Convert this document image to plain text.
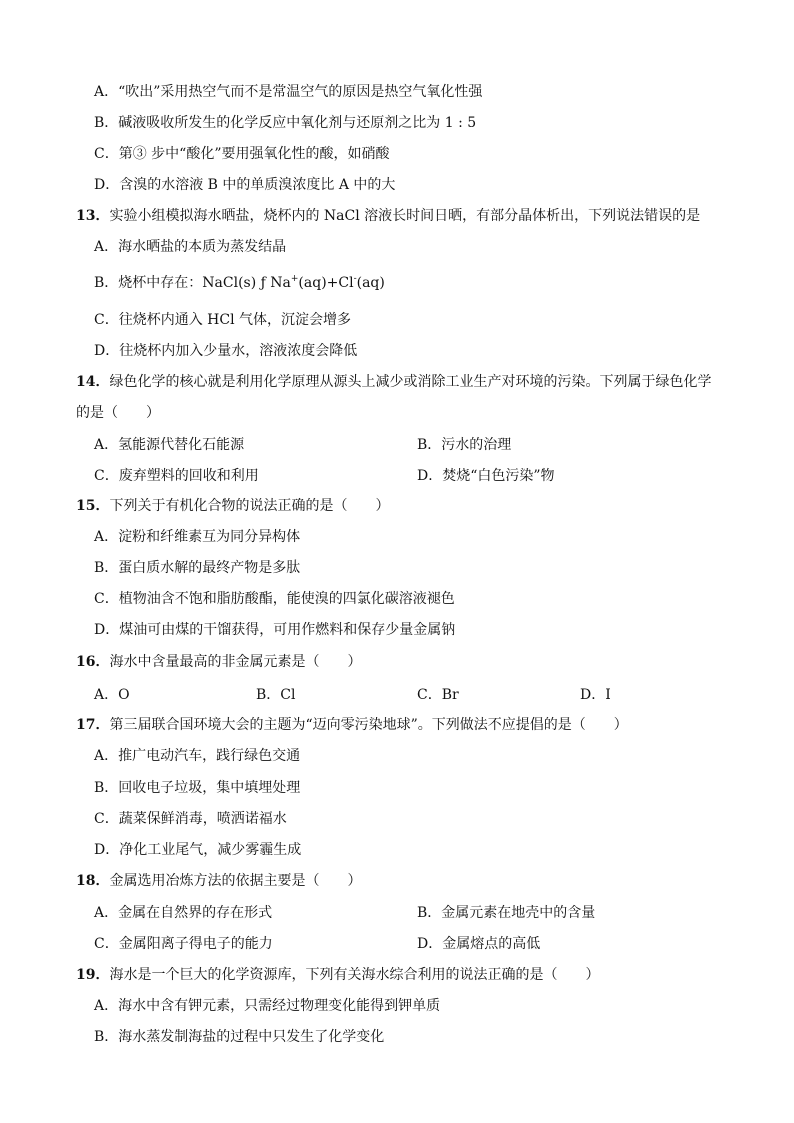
A．“吹出”采用热空气而不是常温空气的原因是热空气氧化性强
B．碱液吸收所发生的化学反应中氧化剂与还原剂之比为 1 : 5
C．第③ 步中“酸化”要用强氧化性的酸，如硝酸
D．含溴的水溶液 B 中的单质溴浓度比 A 中的大
13．实验小组模拟海水晒盐，烧杯内的 NaCl 溶液长时间日晒，有部分晶体析出，下列说法错误的是
A．海水晒盐的本质为蒸发结晶
B．烧杯中存在：NaCl(s) ƒ Na+(aq)+Cl-(aq)
C．往烧杯内通入 HCl 气体，沉淀会增多
D．往烧杯内加入少量水，溶液浓度会降低
14．绿色化学的核心就是利用化学原理从源头上减少或消除工业生产对环境的污染。下列属于绿色化学
的是（　　）
A．氢能源代替化石能源	B．污水的治理
C．废弃塑料的回收和利用	D．焚烧“白色污染”物
15．下列关于有机化合物的说法正确的是（　　）
A．淀粉和纤维素互为同分异构体
B．蛋白质水解的最终产物是多肽
C．植物油含不饱和脂肪酸酯，能使溴的四氯化碳溶液褪色
D．煤油可由煤的干馏获得，可用作燃料和保存少量金属钠
16．海水中含量最高的非金属元素是（　　）
A．O	B．Cl	C．Br	D．I
17．第三届联合国环境大会的主题为“迈向零污染地球”。下列做法不应提倡的是（　　）
A．推广电动汽车，践行绿色交通
B．回收电子垃圾，集中填埋处理
C．蔬菜保鲜消毒，喷洒诺福水
D．净化工业尾气，减少雾霾生成
18．金属选用冶炼方法的依据主要是（　　）
A．金属在自然界的存在形式	B．金属元素在地壳中的含量
C．金属阳离子得电子的能力	D．金属熔点的高低
19．海水是一个巨大的化学资源库，下列有关海水综合利用的说法正确的是（　　）
A．海水中含有钾元素，只需经过物理变化能得到钾单质
B．海水蒸发制海盐的过程中只发生了化学变化
